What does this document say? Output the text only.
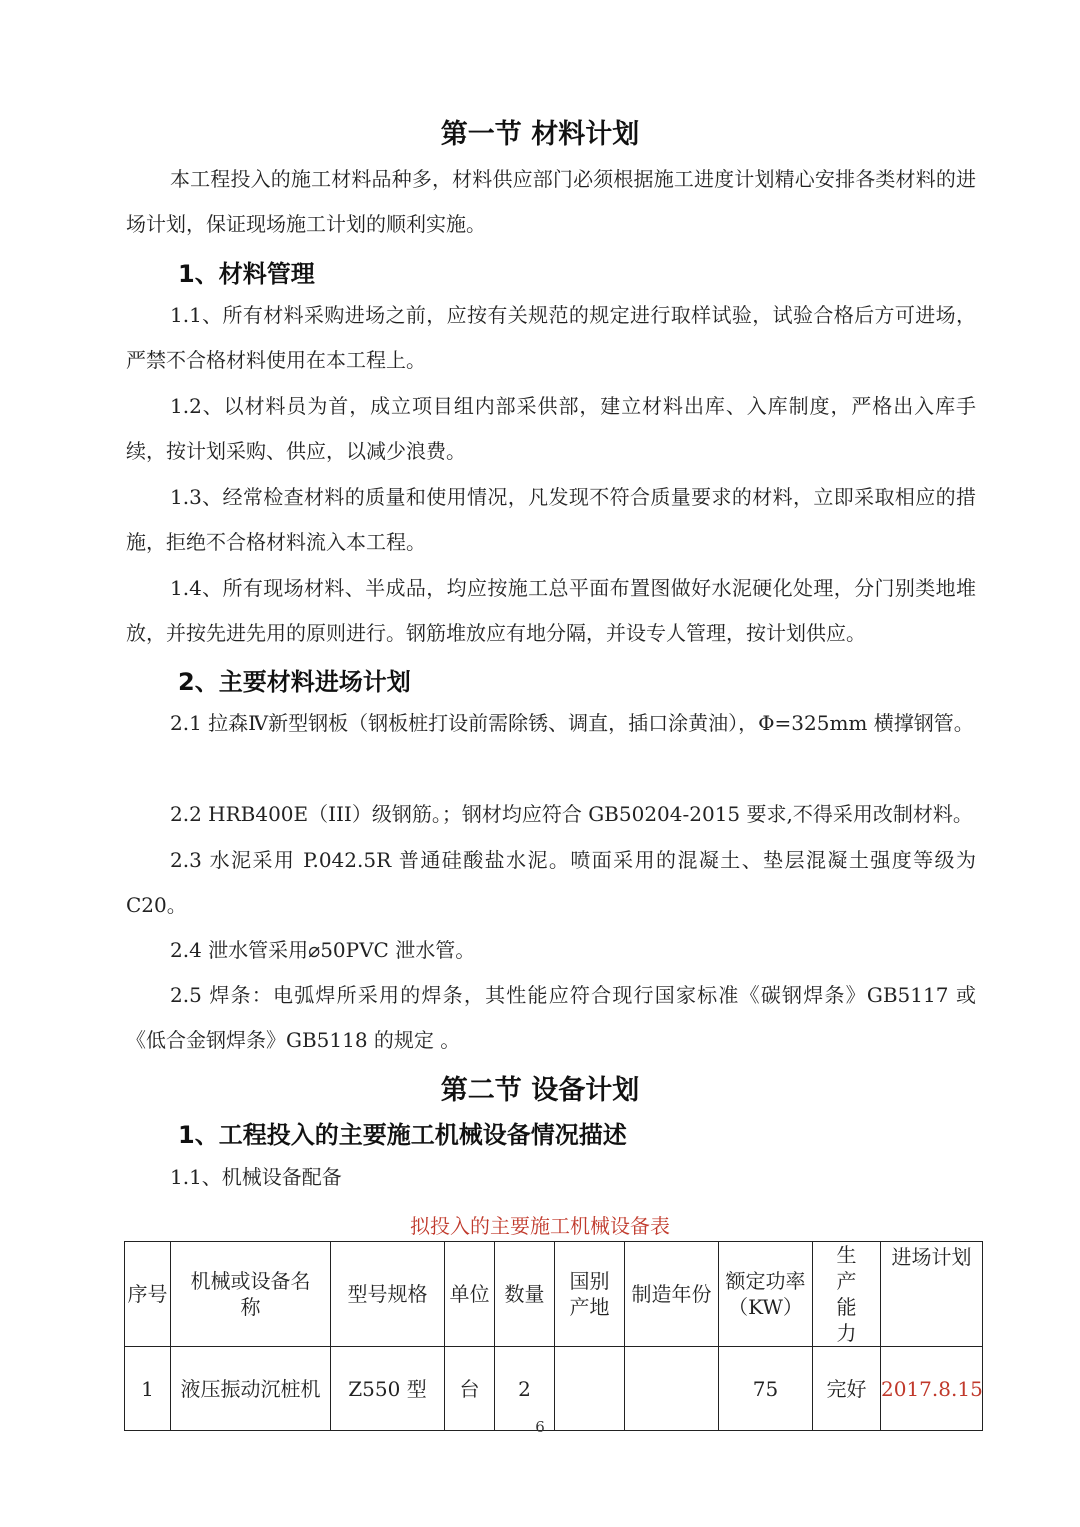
第一节 材料计划
本工程投入的施工材料品种多，材料供应部门必须根据施工进度计划精心安排各类材料的进场计划，保证现场施工计划的顺利实施。
1、材料管理
1.1、所有材料采购进场之前，应按有关规范的规定进行取样试验，试验合格后方可进场，严禁不合格材料使用在本工程上。
1.2、以材料员为首，成立项目组内部采供部，建立材料出库、入库制度，严格出入库手续，按计划采购、供应，以减少浪费。
1.3、经常检查材料的质量和使用情况，凡发现不符合质量要求的材料，立即采取相应的措施，拒绝不合格材料流入本工程。
1.4、所有现场材料、半成品，均应按施工总平面布置图做好水泥硬化处理，分门别类地堆放，并按先进先用的原则进行。钢筋堆放应有地分隔，并设专人管理，按计划供应。
2、主要材料进场计划
2.1 拉森Ⅳ新型钢板（钢板桩打设前需除锈、调直，插口涂黄油），Φ=325mm 横撑钢管。
2.2 HRB400E（III）级钢筋。；钢材均应符合 GB50204-2015 要求,不得采用改制材料。
2.3 水泥采用 P.042.5R 普通硅酸盐水泥。喷面采用的混凝土、垫层混凝土强度等级为 C20。
2.4 泄水管采用⌀50PVC 泄水管。
2.5 焊条：电弧焊所采用的焊条，其性能应符合现行国家标准《碳钢焊条》GB5117 或《低合金钢焊条》GB5118 的规定 。
第二节 设备计划
1、工程投入的主要施工机械设备情况描述
1.1、机械设备配备
拟投入的主要施工机械设备表
序号	机械或设备名称	型号规格	单位	数量	国别产地	制造年份	额定功率（KW）	生产能力	进场计划
1	液压振动沉桩机	Z550 型	台	2			75	完好	2017.8.15
6
